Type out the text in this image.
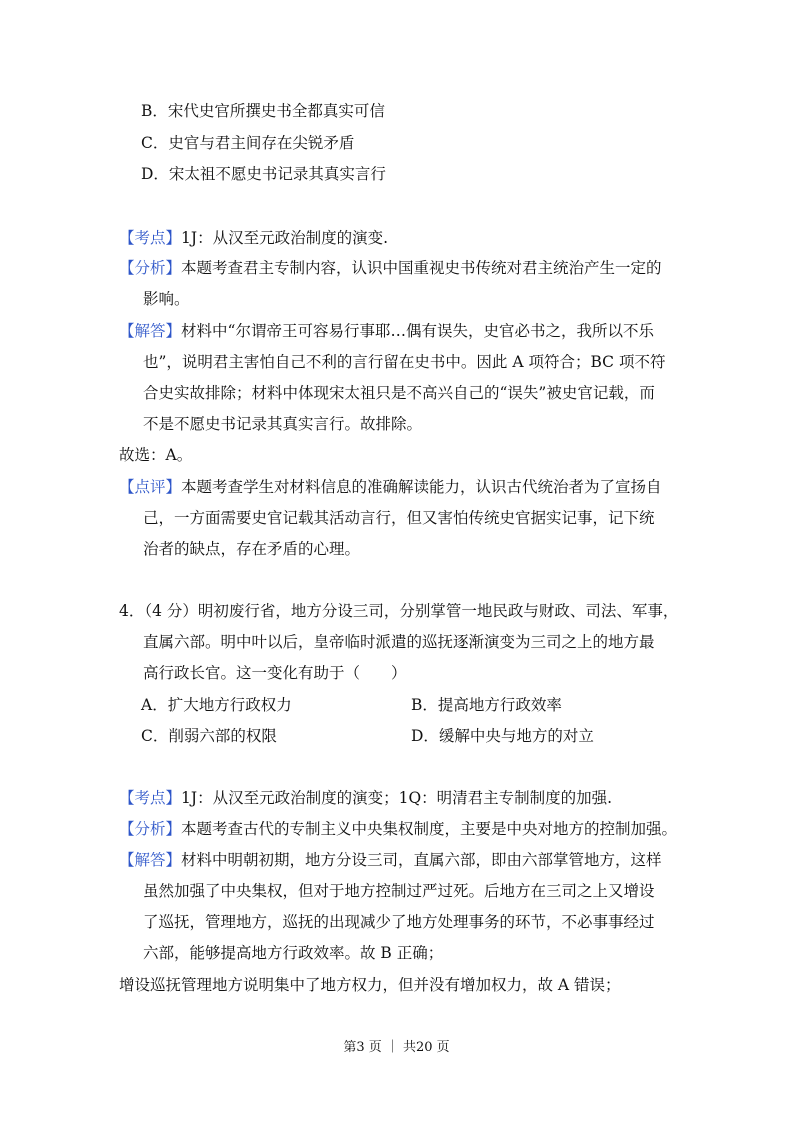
B．宋代史官所撰史书全都真实可信
C．史官与君主间存在尖锐矛盾
D．宋太祖不愿史书记录其真实言行
【考点】1J：从汉至元政治制度的演变.
【分析】本题考查君主专制内容，认识中国重视史书传统对君主统治产生一定的
影响。
【解答】材料中“尔谓帝王可容易行事耶…偶有误失，史官必书之，我所以不乐
也”，说明君主害怕自己不利的言行留在史书中。因此 A 项符合；BC 项不符
合史实故排除；材料中体现宋太祖只是不高兴自己的“误失”被史官记载，而
不是不愿史书记录其真实言行。故排除。
故选：A。
【点评】本题考查学生对材料信息的准确解读能力，认识古代统治者为了宣扬自
己，一方面需要史官记载其活动言行，但又害怕传统史官据实记事，记下统
治者的缺点，存在矛盾的心理。
4．（4 分）明初废行省，地方分设三司，分别掌管一地民政与财政、司法、军事，
直属六部。明中叶以后，皇帝临时派遣的巡抚逐渐演变为三司之上的地方最
高行政长官。这一变化有助于（　　）
A．扩大地方行政权力	B．提高地方行政效率
C．削弱六部的权限	D．缓解中央与地方的对立
【考点】1J：从汉至元政治制度的演变；1Q：明清君主专制制度的加强.
【分析】本题考查古代的专制主义中央集权制度，主要是中央对地方的控制加强。
【解答】材料中明朝初期，地方分设三司，直属六部，即由六部掌管地方，这样
虽然加强了中央集权，但对于地方控制过严过死。后地方在三司之上又增设
了巡抚，管理地方，巡抚的出现减少了地方处理事务的环节，不必事事经过
六部，能够提高地方行政效率。故 B 正确；
增设巡抚管理地方说明集中了地方权力，但并没有增加权力，故 A 错误；
第3 页 ｜ 共20 页
